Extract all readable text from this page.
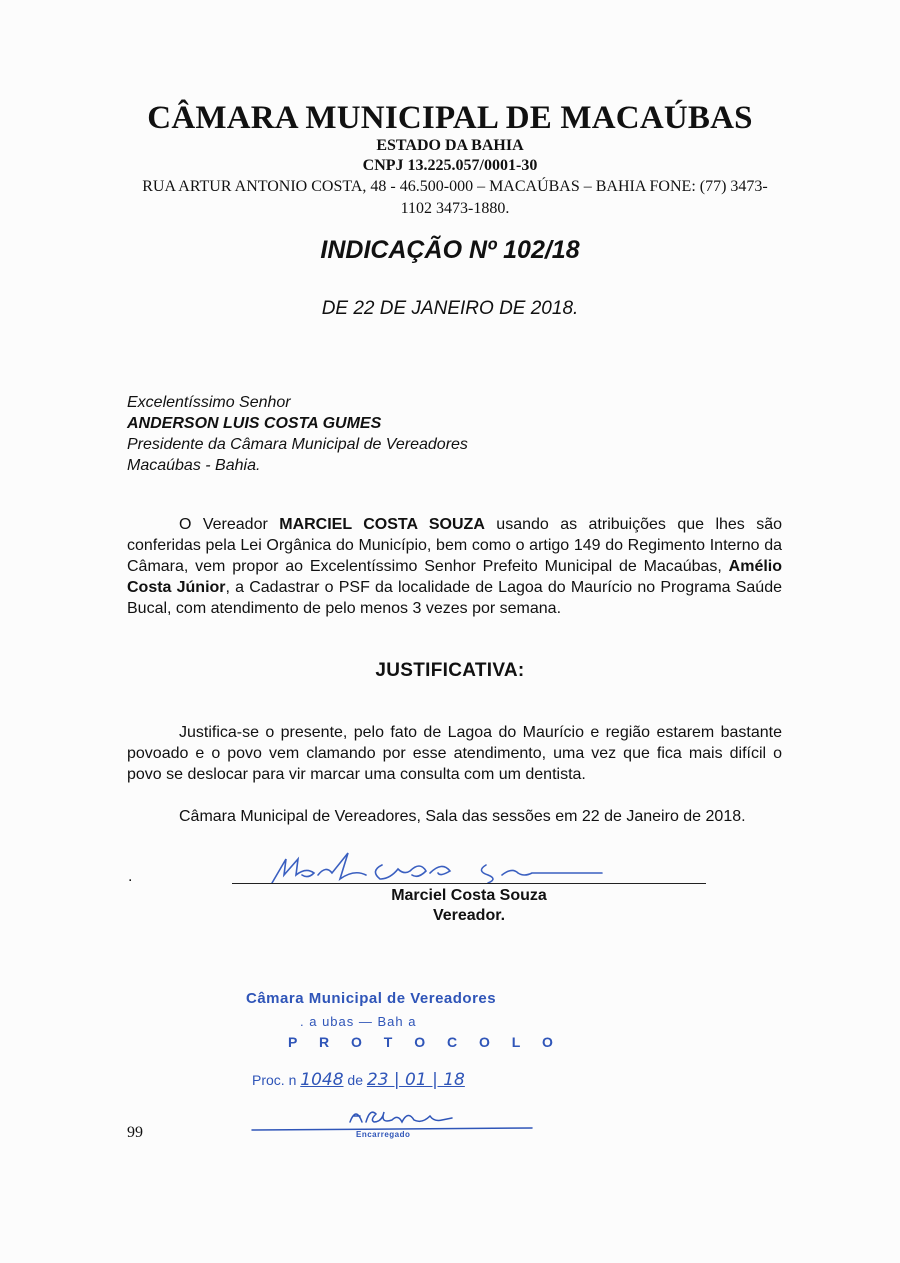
CÂMARA MUNICIPAL DE MACAÚBAS
ESTADO DA BAHIA
CNPJ 13.225.057/0001-30
RUA ARTUR ANTONIO COSTA, 48 - 46.500-000 – MACAÚBAS – BAHIA FONE: (77) 3473-1102 3473-1880.
INDICAÇÃO Nº 102/18
DE 22 DE JANEIRO DE 2018.
Excelentíssimo Senhor
ANDERSON LUIS COSTA GUMES
Presidente da Câmara Municipal de Vereadores
Macaúbas - Bahia.
O Vereador MARCIEL COSTA SOUZA usando as atribuições que lhes são conferidas pela Lei Orgânica do Município, bem como o artigo 149 do Regimento Interno da Câmara, vem propor ao Excelentíssimo Senhor Prefeito Municipal de Macaúbas, Amélio Costa Júnior, a Cadastrar o PSF da localidade de Lagoa do Maurício no Programa Saúde Bucal, com atendimento de pelo menos 3 vezes por semana.
JUSTIFICATIVA:
Justifica-se o presente, pelo fato de Lagoa do Maurício e região estarem bastante povoado e o povo vem clamando por esse atendimento, uma vez que fica mais difícil o povo se deslocar para vir marcar uma consulta com um dentista.
Câmara Municipal de Vereadores, Sala das sessões em 22 de Janeiro de 2018.
.
Marciel Costa Souza
Vereador.
Câmara Municipal de Vereadores
. a ubas — Bah a
P R O T O C O L O
Proc. n 1048 de 23 | 01 | 18
Encarregado
99
